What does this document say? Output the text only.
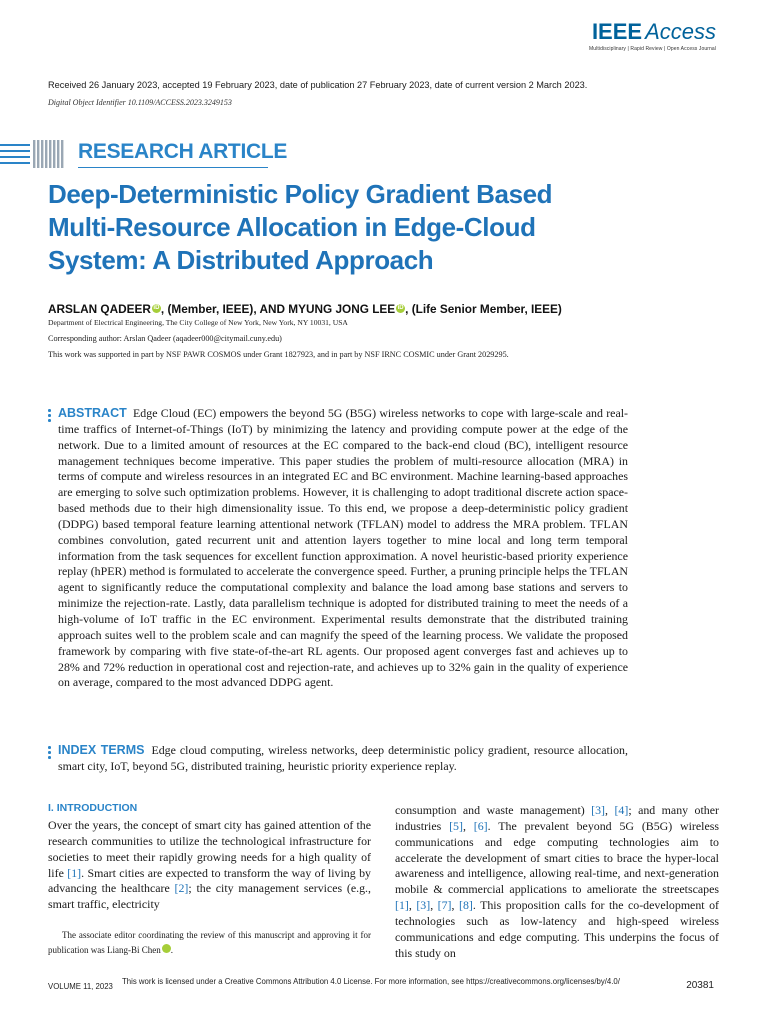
IEEE Access
Multidisciplinary | Rapid Review | Open Access Journal
Received 26 January 2023, accepted 19 February 2023, date of publication 27 February 2023, date of current version 2 March 2023.
Digital Object Identifier 10.1109/ACCESS.2023.3249153
RESEARCH ARTICLE
Deep-Deterministic Policy Gradient Based
Multi-Resource Allocation in Edge-Cloud
System: A Distributed Approach
ARSLAN QADEER iD , (Member, IEEE), AND MYUNG JONG LEE iD , (Life Senior Member, IEEE)
Department of Electrical Engineering, The City College of New York, New York, NY 10031, USA
Corresponding author: Arslan Qadeer (aqadeer000@citymail.cuny.edu)
This work was supported in part by NSF PAWR COSMOS under Grant 1827923, and in part by NSF IRNC COSMIC under Grant 2029295.
ABSTRACT Edge Cloud (EC) empowers the beyond 5G (B5G) wireless networks to cope with large-scale and real-time traffics of Internet-of-Things (IoT) by minimizing the latency and providing compute power at the edge of the network. Due to a limited amount of resources at the EC compared to the back-end cloud (BC), intelligent resource management techniques become imperative. This paper studies the problem of multi-resource allocation (MRA) in terms of compute and wireless resources in an integrated EC and BC environment. Machine learning-based approaches are emerging to solve such optimization problems. However, it is challenging to adopt traditional discrete action space-based methods due to their high dimensionality issue. To this end, we propose a deep-deterministic policy gradient (DDPG) based temporal feature learning attentional network (TFLAN) model to address the MRA problem. TFLAN combines convolution, gated recurrent unit and attention layers together to mine local and long term temporal information from the task sequences for excellent function approximation. A novel heuristic-based priority experience replay (hPER) method is formulated to accelerate the convergence speed. Further, a pruning principle helps the TFLAN agent to significantly reduce the computational complexity and balance the load among base stations and servers to minimize the rejection-rate. Lastly, data parallelism technique is adopted for distributed training to meet the needs of a high-volume of IoT traffic in the EC environment. Experimental results demonstrate that the distributed training approach suites well to the problem scale and can magnify the speed of the learning process. We validate the proposed framework by comparing with five state-of-the-art RL agents. Our proposed agent converges fast and achieves up to 28% and 72% reduction in operational cost and rejection-rate, and achieves up to 32% gain in the quality of experience on average, compared to the most advanced DDPG agent.
INDEX TERMS Edge cloud computing, wireless networks, deep deterministic policy gradient, resource allocation, smart city, IoT, beyond 5G, distributed training, heuristic priority experience replay.
I. INTRODUCTION
Over the years, the concept of smart city has gained attention of the research communities to utilize the technological infrastructure for societies to meet their rapidly growing needs for a high quality of life [1]. Smart cities are expected to transform the way of living by advancing the healthcare [2]; the city management services (e.g., smart traffic, electricity
The associate editor coordinating the review of this manuscript and approving it for publication was Liang-Bi Chen	iD.
consumption and waste management) [3], [4]; and many other industries [5], [6]. The prevalent beyond 5G (B5G) wireless communications and edge computing technologies aim to accelerate the development of smart cities to brace the hyper-local awareness and intelligence, allowing real-time, and next-generation mobile & commercial applications to ameliorate the streetscapes [1], [3], [7], [8]. This proposition calls for the co-development of technologies such as low-latency and high-speed wireless communications and edge computing. This underpins the focus of this study on
VOLUME 11, 2023
This work is licensed under a Creative Commons Attribution 4.0 License. For more information, see https://creativecommons.org/licenses/by/4.0/	20381
